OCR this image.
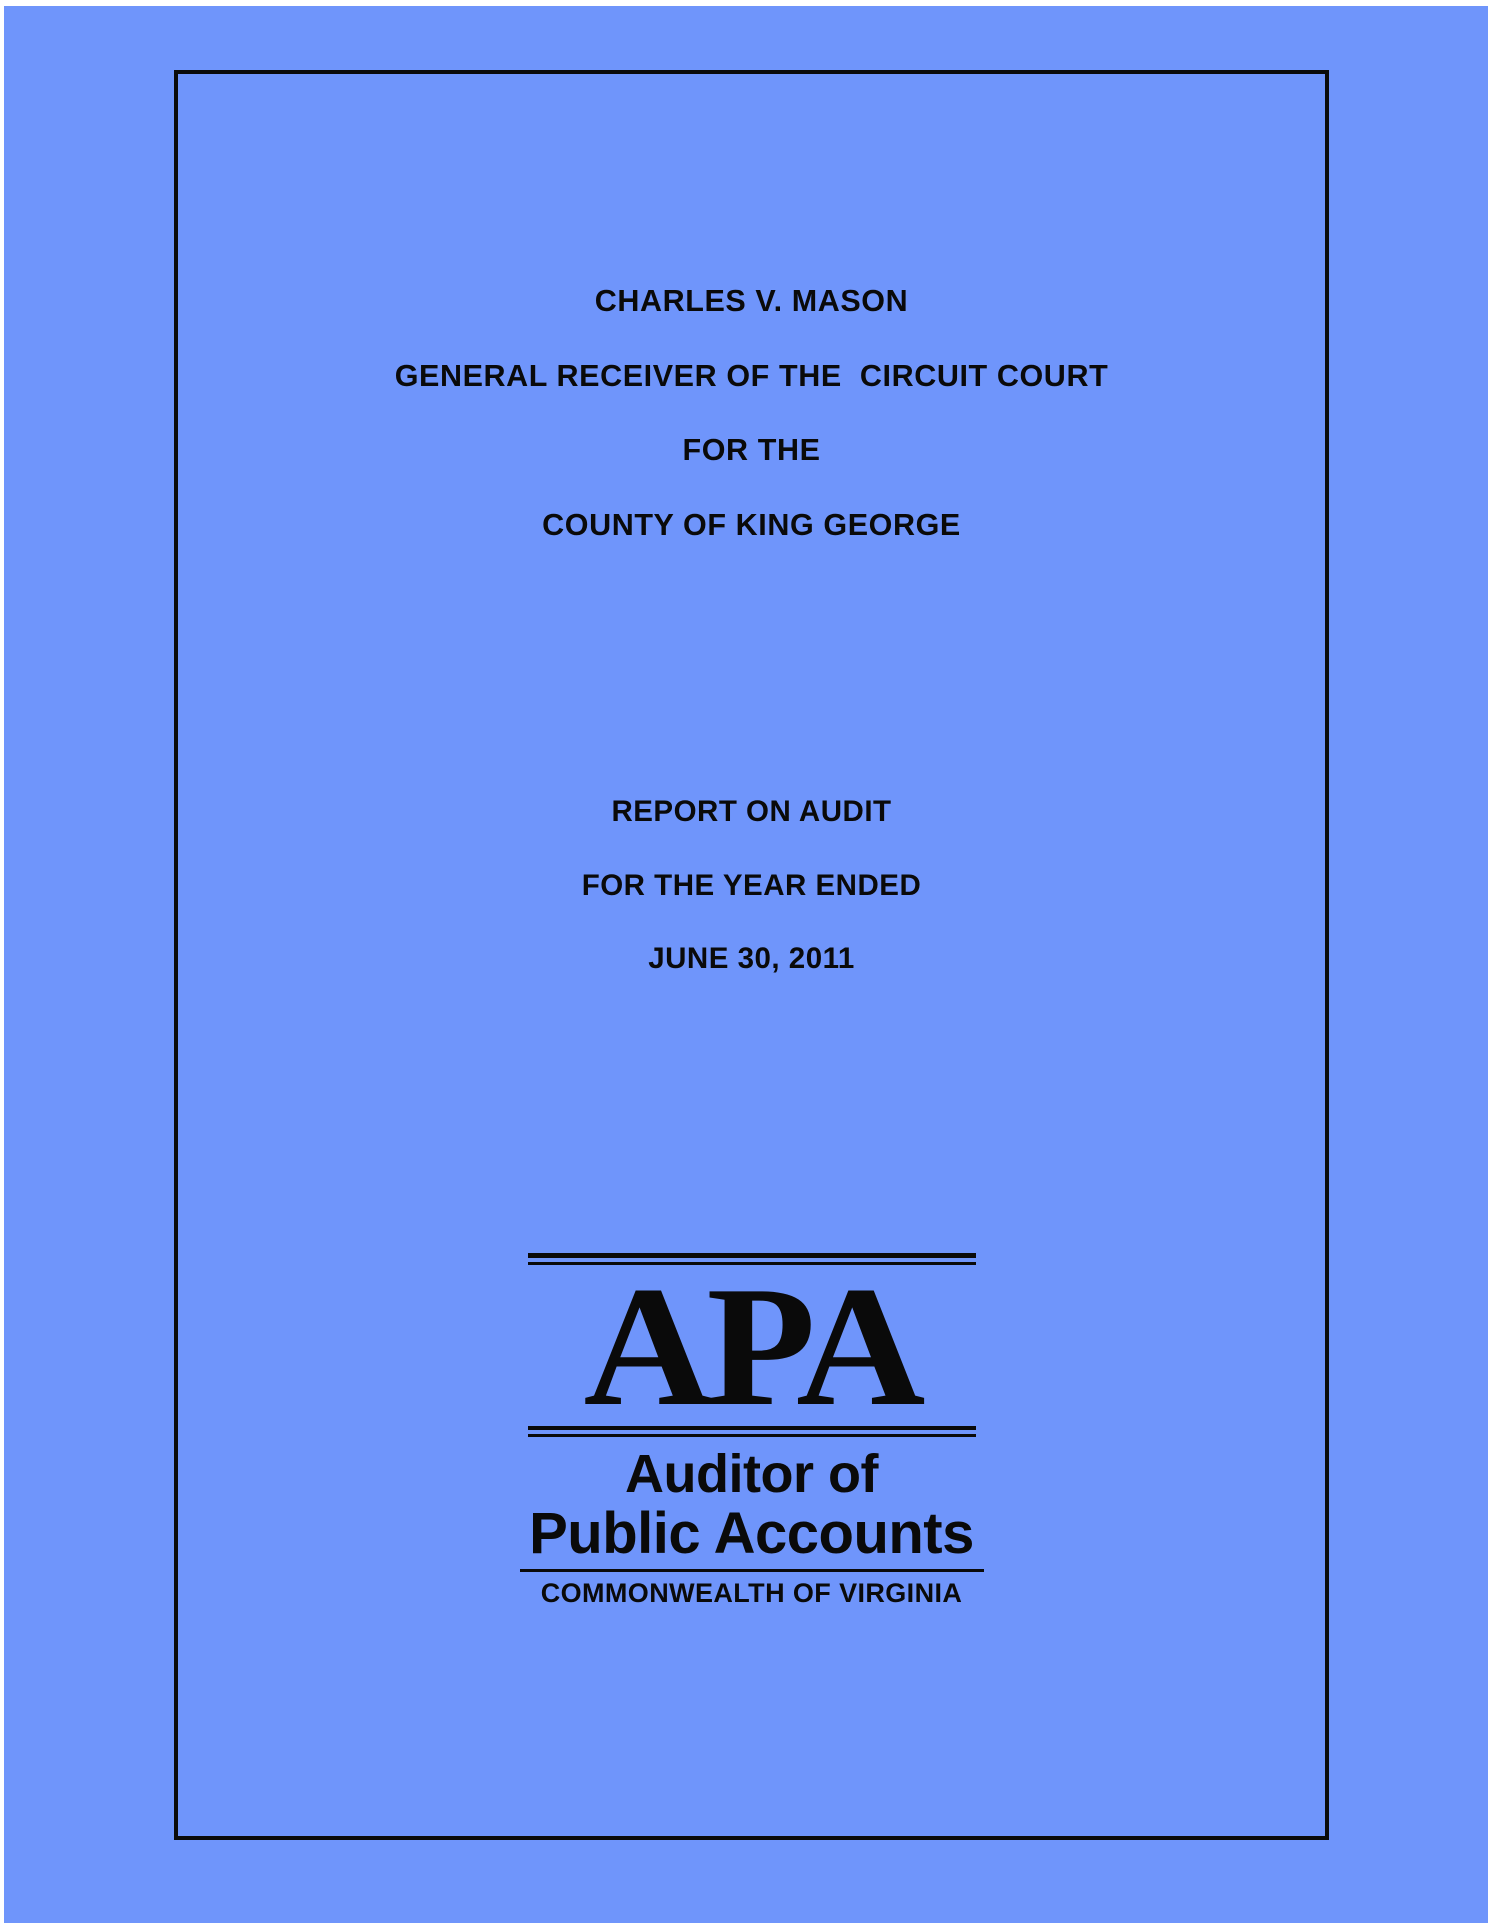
CHARLES V. MASON

GENERAL RECEIVER OF THE  CIRCUIT COURT

FOR THE

COUNTY OF KING GEORGE

REPORT ON AUDIT

FOR THE YEAR ENDED

JUNE 30, 2011

APA
Auditor of
Public Accounts
COMMONWEALTH OF VIRGINIA
